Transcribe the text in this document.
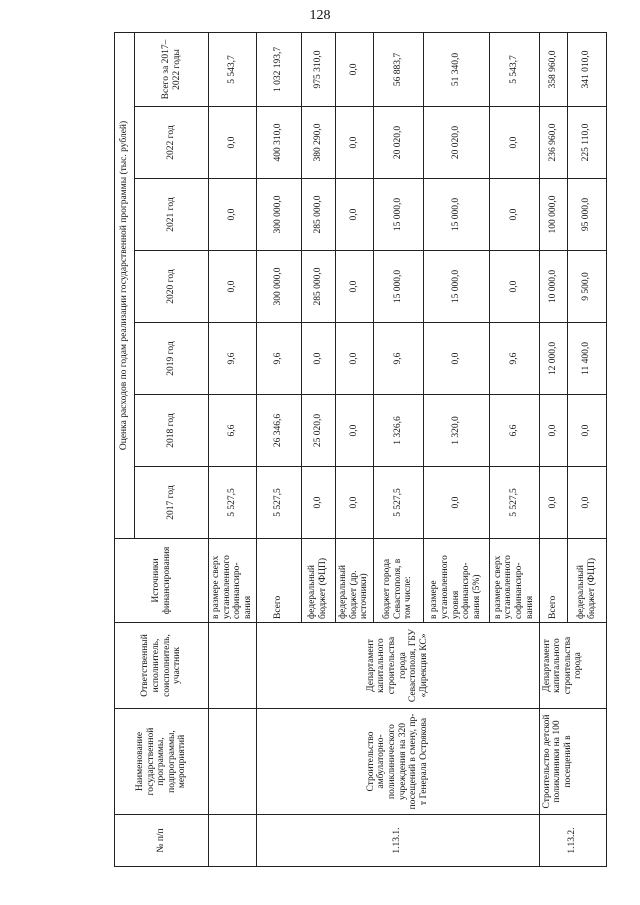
128
№ п/п	Наименование государственной программы, подпрограммы, мероприятий	Ответственный исполнитель, соисполнитель, участник	Источники финансирования	Оценка расходов по годам реализации государственной программы (тыс. рублей)						
				2017 год	2018 год	2019 год	2020 год	2021 год	2022 год	Всего за 2017–2022 годы
			в размере сверх установленного софинансиро-вания	5 527,5	6,6	9,6	0,0	0,0	0,0	5 543,7
1.13.1.	Строительство амбулаторно-поликлинического учреждения на 320 посещений в смену, пр-т Генерала Острякова	Департамент капитального строительства города Севастополя, ГБУ «Дирекция КС»	Всего	5 527,5	26 346,6	9,6	300 000,0	300 000,0	400 310,0	1 032 193,7
			федеральный бюджет (ФЦП)	0,0	25 020,0	0,0	285 000,0	285 000,0	380 290,0	975 310,0
			федеральный бюджет (др. источники)	0,0	0,0	0,0	0,0	0,0	0,0	0,0
			бюджет города Севастополя, в том числе:	5 527,5	1 326,6	9,6	15 000,0	15 000,0	20 020,0	56 883,7
			в размере установленного уровня софинансиро-вания (5%)	0,0	1 320,0	0,0	15 000,0	15 000,0	20 020,0	51 340,0
			в размере сверх установленного софинансиро-вания	5 527,5	6,6	9,6	0,0	0,0	0,0	5 543,7
1.13.2.	Строительство детской поликлиники на 100 посещений в	Департамент капитального строительства города	Всего	0,0	0,0	12 000,0	10 000,0	100 000,0	236 960,0	358 960,0
			федеральный бюджет (ФЦП)	0,0	0,0	11 400,0	9 500,0	95 000,0	225 110,0	341 010,0
